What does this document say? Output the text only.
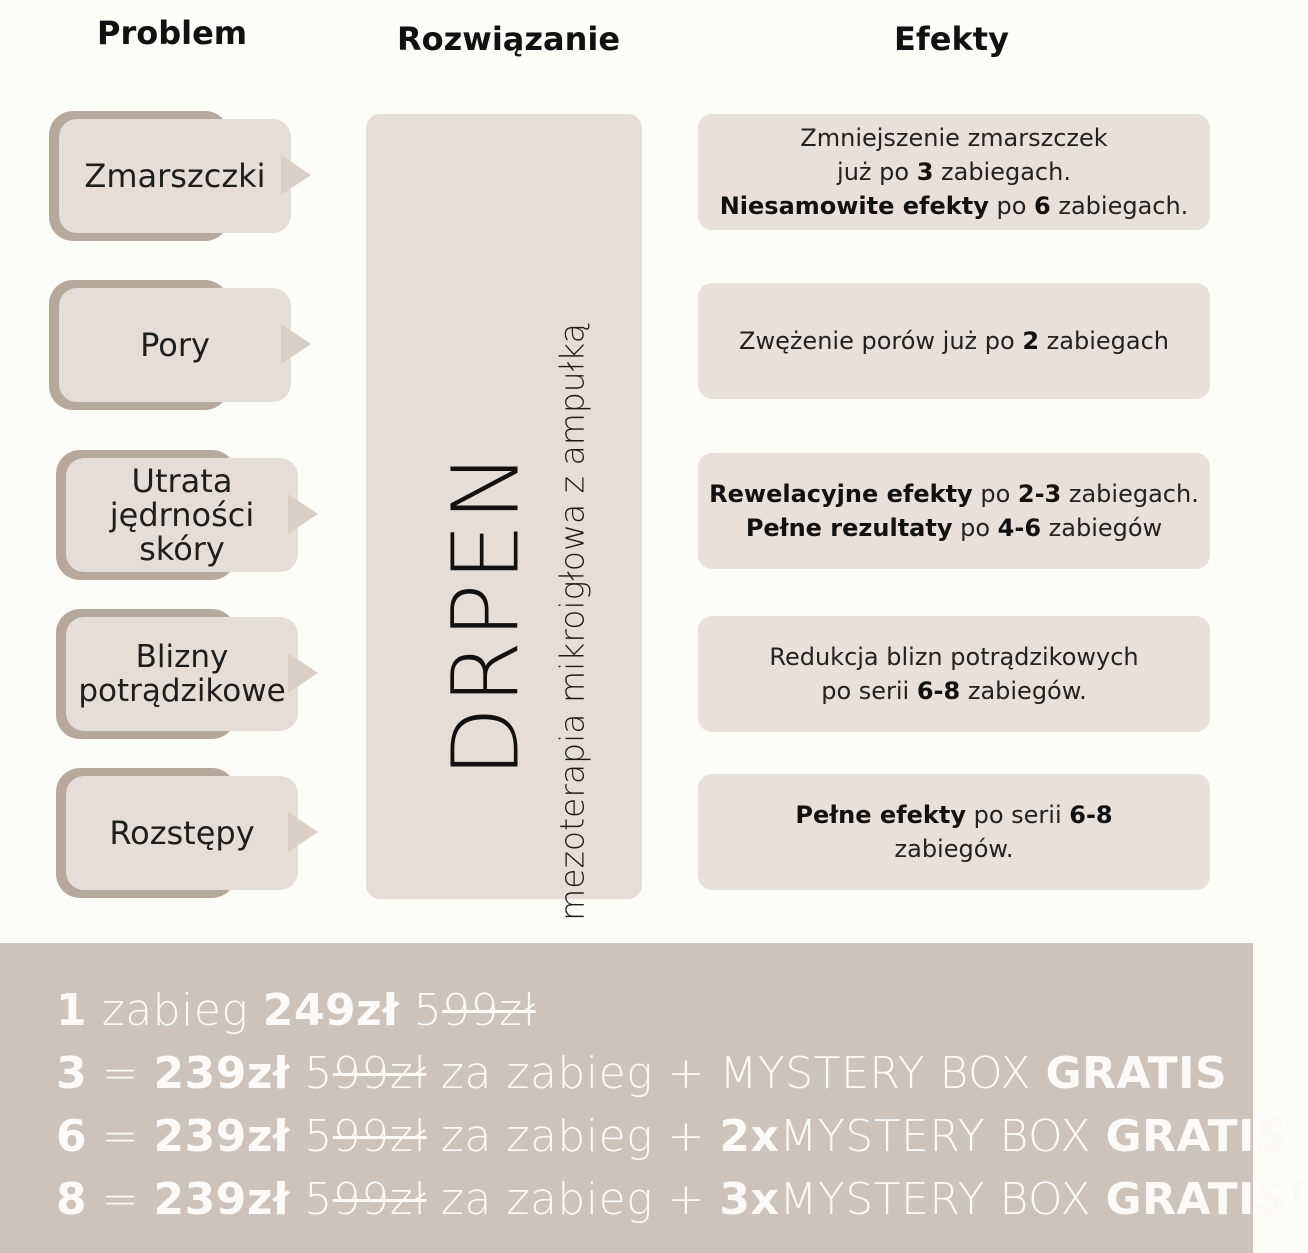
Problem	Rozwiązanie	Efekty
Zmarszczki
Pory
Utrata jędrności skóry
Blizny potrądzikowe
Rozstępy
DRPEN mezoterapia mikroigłowa z ampułką
Zmniejszenie zmarszczek
już po 3 zabiegach.
Niesamowite efekty po 6 zabiegach.
Zwężenie porów już po 2 zabiegach
Rewelacyjne efekty po 2-3 zabiegach.
Pełne rezultaty po 4-6 zabiegów
Redukcja blizn potrądzikowych
po serii 6-8 zabiegów.
Pełne efekty po serii 6-8
zabiegów.
1 zabieg 249zł 599zł
3 = 239zł 599zł za zabieg + MYSTERY BOX GRATIS
6 = 239zł 599zł za zabieg + 2xMYSTERY BOX GRATIS
8 = 239zł 599zł za zabieg + 3xMYSTERY BOX GRATIS!
